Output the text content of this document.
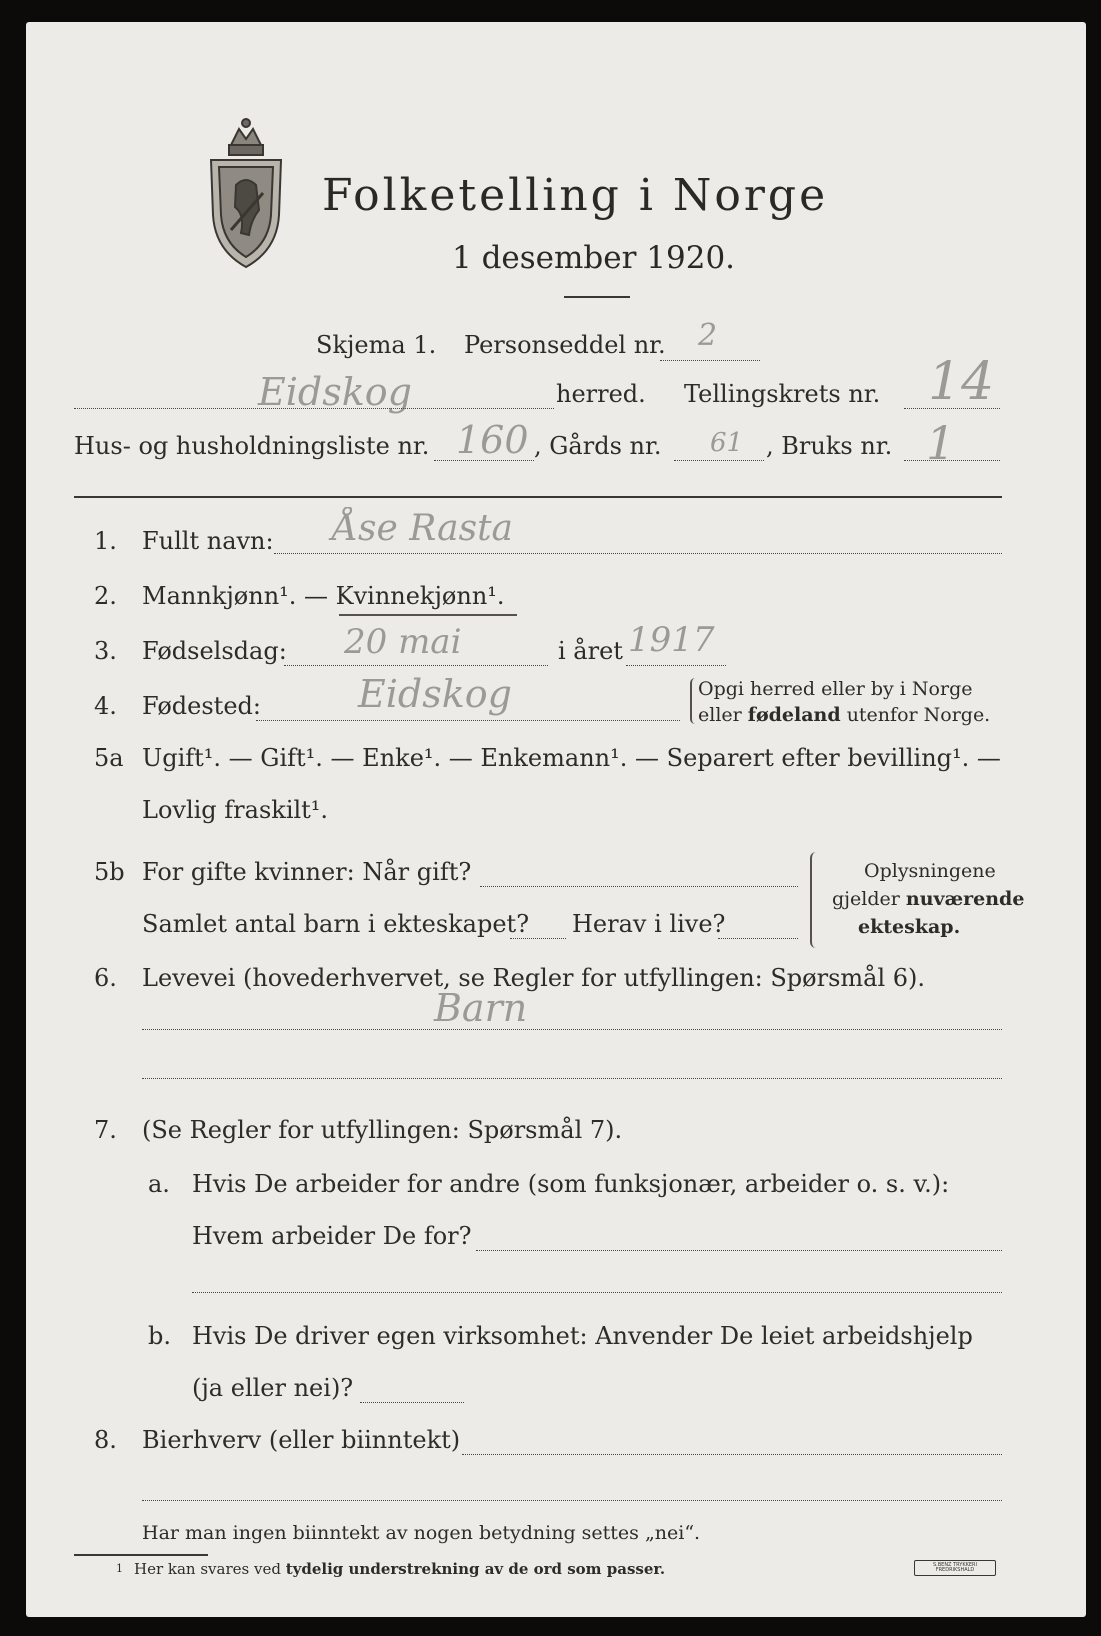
Folketelling i Norge
1 desember 1920.
Skjema 1. Personseddel nr. 2
Eidskog	herred. Tellingskrets nr. 14
Hus- og husholdningsliste nr. 160 , Gårds nr. 61 , Bruks nr. 1
1. Fullt navn: Åse Rasta
2. Mannkjønn¹. — Kvinnekjønn¹.
3. Fødselsdag: 20 mai	i året 1917
4. Fødested:	Eidskog	Opgi herred eller by i Norge
eller fødeland utenfor Norge.
5a Ugift¹. — Gift¹. — Enke¹. — Enkemann¹. — Separert efter bevilling¹. —
Lovlig fraskilt¹.
5b For gifte kvinner: Når gift?
Samlet antal barn i ekteskapet? Herav i live?
Oplysningene
gjelder nuværende
ekteskap.
6. Levevei (hovederhvervet, se Regler for utfyllingen: Spørsmål 6).
Barn
7. (Se Regler for utfyllingen: Spørsmål 7).
a. Hvis De arbeider for andre (som funksjonær, arbeider o. s. v.):
Hvem arbeider De for?
b. Hvis De driver egen virksomhet: Anvender De leiet arbeidshjelp
(ja eller nei)?
8. Bierhverv (eller biinntekt)
Har man ingen biinntekt av nogen betydning settes „nei“.
1 Her kan svares ved tydelig understrekning av de ord som passer.	S.BENZ TRYKKERI FREDRIKSHALD
